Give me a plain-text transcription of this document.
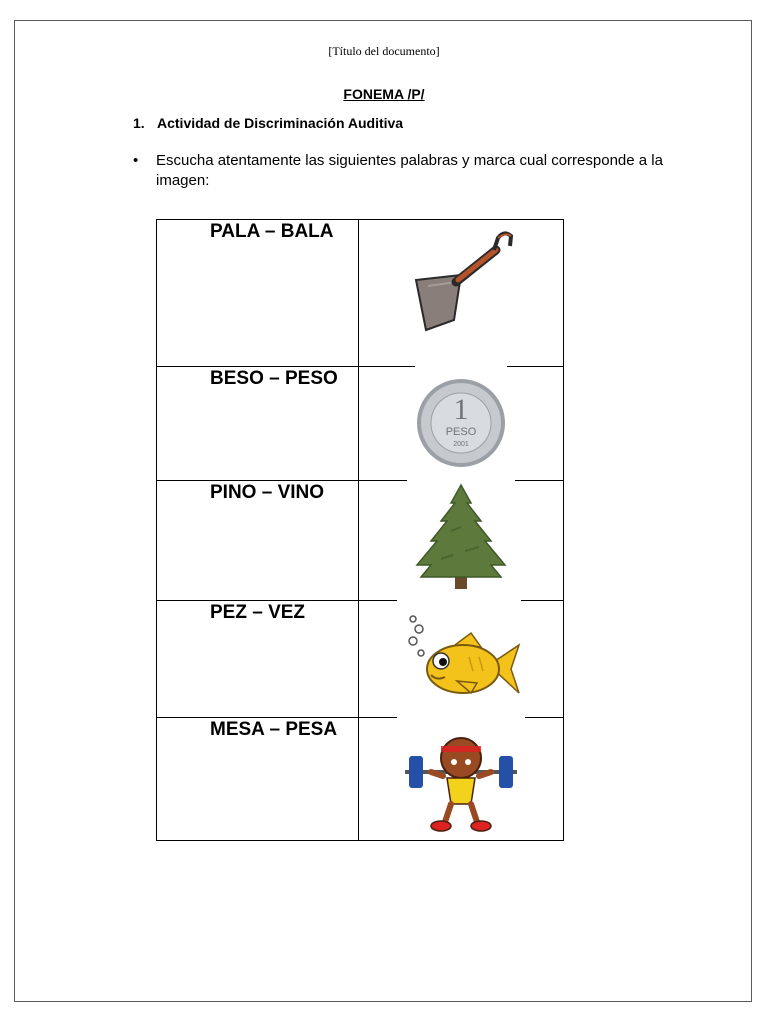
[Título del documento]
FONEMA /P/
1. Actividad de Discriminación Auditiva
• Escucha atentamente las siguientes palabras y marca cual corresponde a la imagen:
PALA – BALA

BESO – PESO	1
PESO
2001

PINO – VINO

PEZ – VEZ

MESA – PESA
